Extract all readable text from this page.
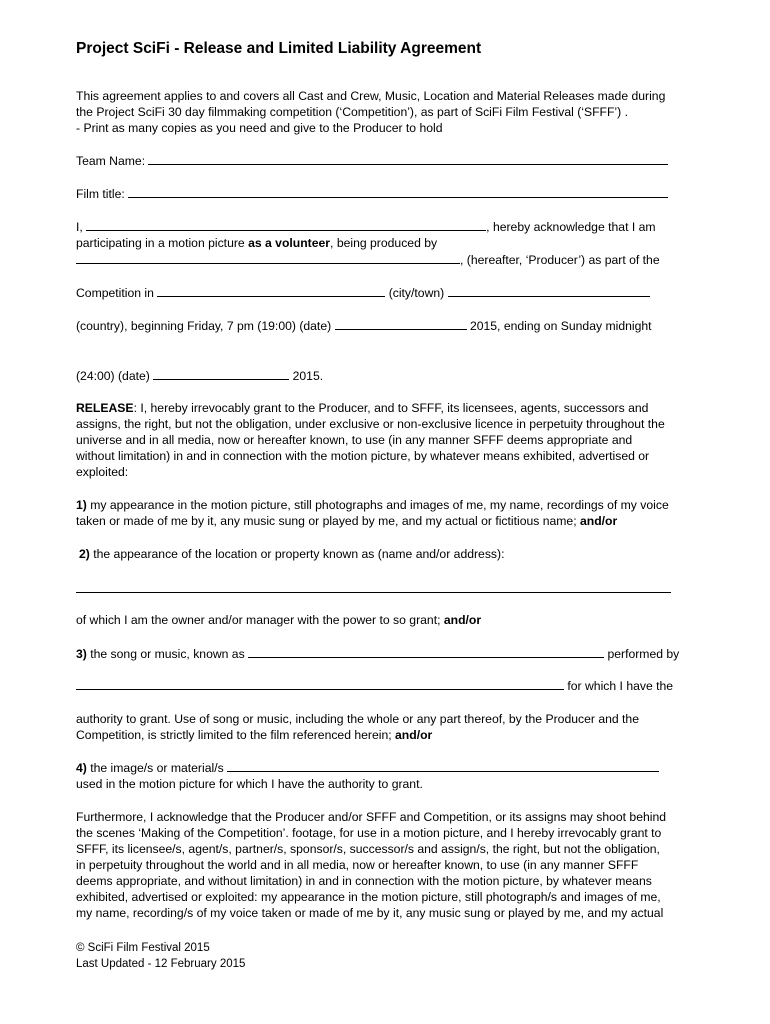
Project SciFi - Release and Limited Liability Agreement
This agreement applies to and covers all Cast and Crew, Music, Location and Material Releases made during
the Project SciFi 30 day filmmaking competition (‘Competition’), as part of SciFi Film Festival (‘SFFF’) .
- Print as many copies as you need and give to the Producer to hold
Team Name:
Film title:
I,	, hereby acknowledge that I am
participating in a motion picture as a volunteer, being produced by
, (hereafter, ‘Producer’) as part of the
Competition in	(city/town)
(country), beginning Friday, 7 pm (19:00) (date)	2015, ending on Sunday midnight
(24:00) (date)	2015.
RELEASE: I, hereby irrevocably grant to the Producer, and to SFFF, its licensees, agents, successors and
assigns, the right, but not the obligation, under exclusive or non-exclusive licence in perpetuity throughout the
universe and in all media, now or hereafter known, to use (in any manner SFFF deems appropriate and
without limitation) in and in connection with the motion picture, by whatever means exhibited, advertised or
exploited:
1) my appearance in the motion picture, still photographs and images of me, my name, recordings of my voice
taken or made of me by it, any music sung or played by me, and my actual or fictitious name; and/or
2) the appearance of the location or property known as (name and/or address):
of which I am the owner and/or manager with the power to so grant; and/or
3) the song or music, known as	performed by
for which I have the
authority to grant. Use of song or music, including the whole or any part thereof, by the Producer and the
Competition, is strictly limited to the film referenced herein; and/or
4) the image/s or material/s
used in the motion picture for which I have the authority to grant.
Furthermore, I acknowledge that the Producer and/or SFFF and Competition, or its assigns may shoot behind
the scenes ‘Making of the Competition’. footage, for use in a motion picture, and I hereby irrevocably grant to
SFFF, its licensee/s, agent/s, partner/s, sponsor/s, successor/s and assign/s, the right, but not the obligation,
in perpetuity throughout the world and in all media, now or hereafter known, to use (in any manner SFFF
deems appropriate, and without limitation) in and in connection with the motion picture, by whatever means
exhibited, advertised or exploited: my appearance in the motion picture, still photograph/s and images of me,
my name, recording/s of my voice taken or made of me by it, any music sung or played by me, and my actual
© SciFi Film Festival 2015
Last Updated - 12 February 2015
